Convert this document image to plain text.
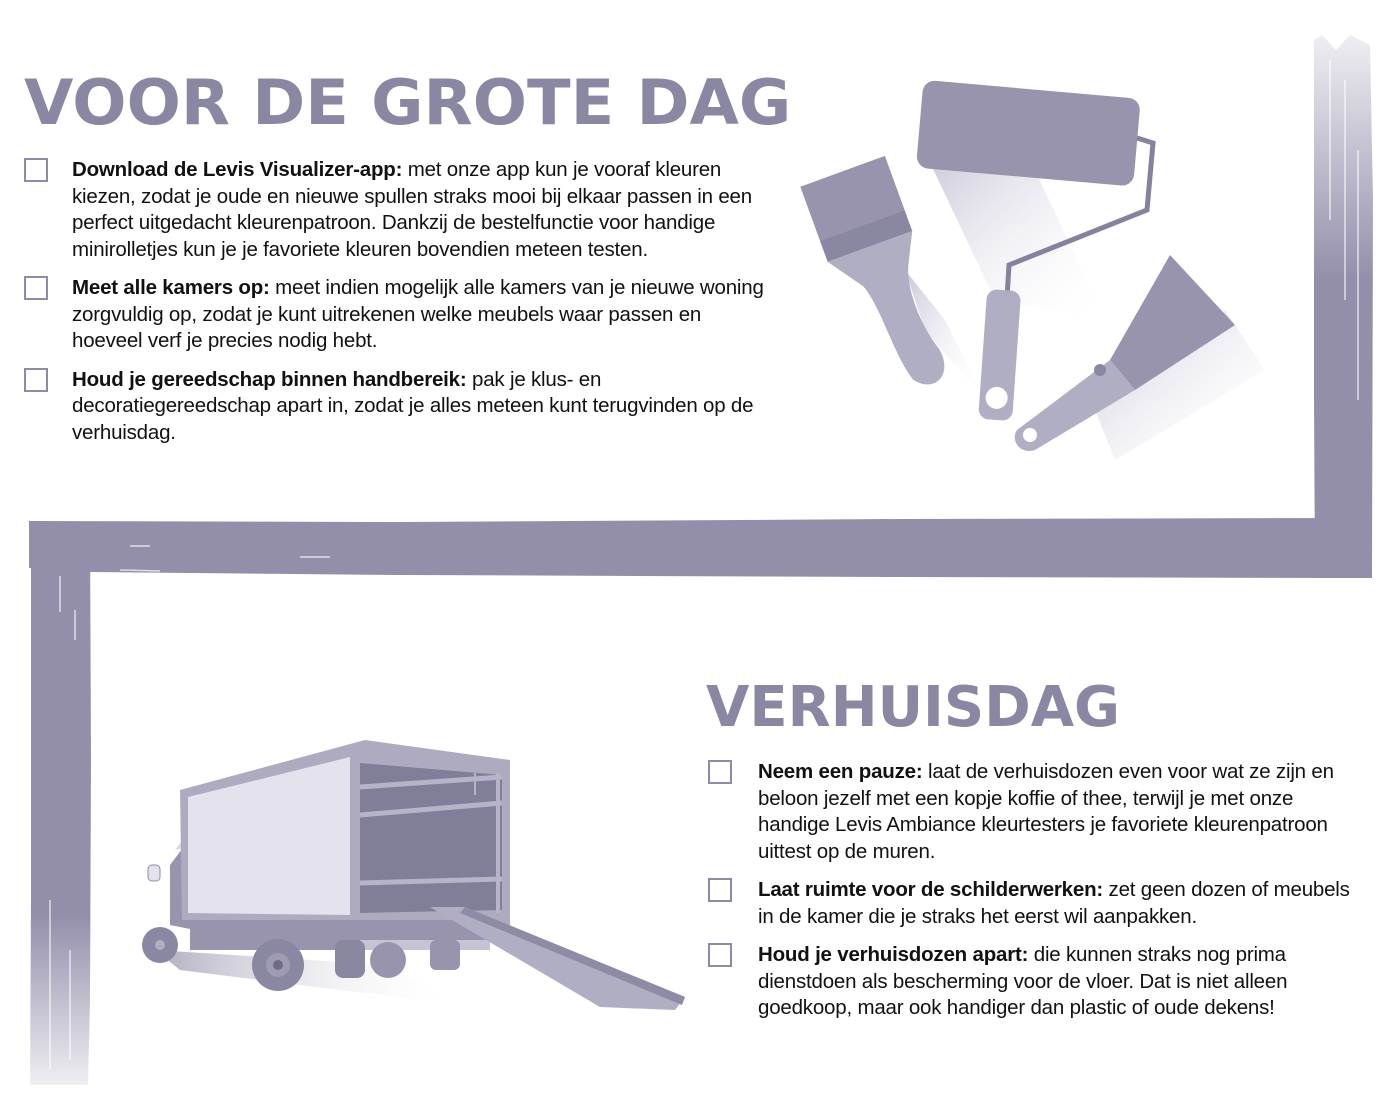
VOOR DE GROTE DAG
Download de Levis Visualizer-app: met onze app kun je vooraf kleuren kiezen, zodat je oude en nieuwe spullen straks mooi bij elkaar passen in een perfect uitgedacht kleurenpatroon. Dankzij de bestelfunctie voor handige minirolletjes kun je je favoriete kleuren bovendien meteen testen.
Meet alle kamers op: meet indien mogelijk alle kamers van je nieuwe woning zorgvuldig op, zodat je kunt uitrekenen welke meubels waar passen en hoeveel verf je precies nodig hebt.
Houd je gereedschap binnen handbereik: pak je klus- en decoratiegereedschap apart in, zodat je alles meteen kunt terugvinden op de verhuisdag.
VERHUISDAG
Neem een pauze: laat de verhuisdozen even voor wat ze zijn en beloon jezelf met een kopje koffie of thee, terwijl je met onze handige Levis Ambiance kleurtesters je favoriete kleurenpatroon uittest op de muren.
Laat ruimte voor de schilderwerken: zet geen dozen of meubels in de kamer die je straks het eerst wil aanpakken.
Houd je verhuisdozen apart: die kunnen straks nog prima dienstdoen als bescherming voor de vloer. Dat is niet alleen goedkoop, maar ook handiger dan plastic of oude dekens!
